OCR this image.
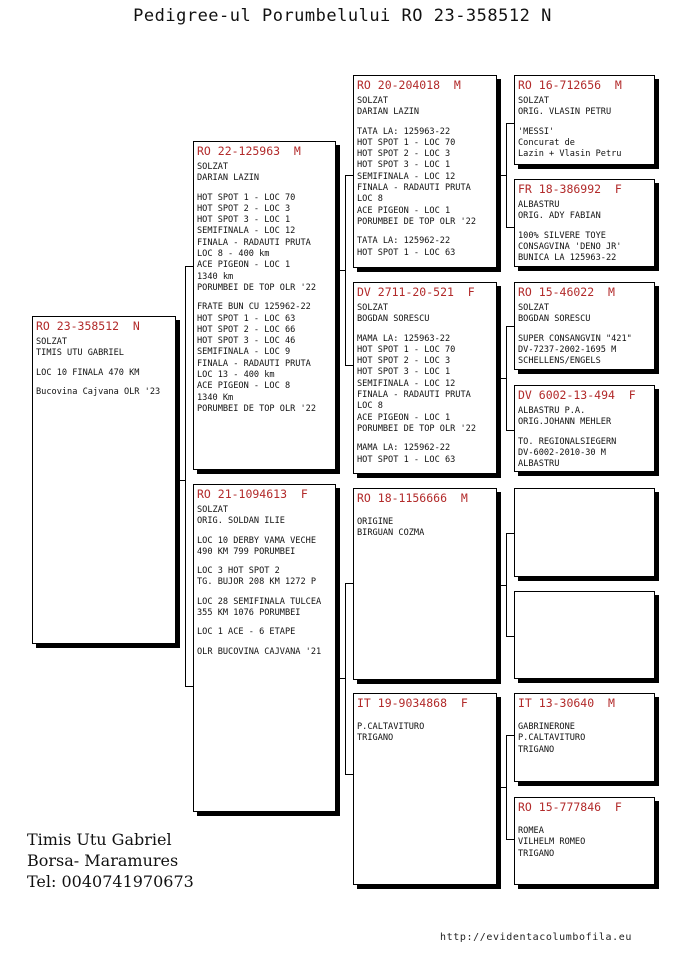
Pedigree-ul Porumbelului RO 23-358512 N
RO 23-358512  N
SOLZAT
TIMIS UTU GABRIEL
LOC 10 FINALA 470 KM
Bucovina Cajvana OLR '23
RO 22-125963  M
SOLZAT
DARIAN LAZIN
HOT SPOT 1 - LOC 70
HOT SPOT 2 - LOC 3
HOT SPOT 3 - LOC 1
SEMIFINALA - LOC 12
FINALA - RADAUTI PRUTA
LOC 8 - 400 km
ACE PIGEON - LOC 1
1340 km
PORUMBEI DE TOP OLR '22
FRATE BUN CU 125962-22
HOT SPOT 1 - LOC 63
HOT SPOT 2 - LOC 66
HOT SPOT 3 - LOC 46
SEMIFINALA - LOC 9
FINALA - RADAUTI PRUTA
LOC 13 - 400 km
ACE PIGEON - LOC 8
1340 Km
PORUMBEI DE TOP OLR '22
RO 21-1094613  F
SOLZAT
ORIG. SOLDAN ILIE
LOC 10 DERBY VAMA VECHE
490 KM 799 PORUMBEI
LOC 3 HOT SPOT 2
TG. BUJOR 208 KM 1272 P
LOC 28 SEMIFINALA TULCEA
355 KM 1076 PORUMBEI
LOC 1 ACE - 6 ETAPE
OLR BUCOVINA CAJVANA '21
RO 20-204018  M
SOLZAT
DARIAN LAZIN
TATA LA: 125963-22
HOT SPOT 1 - LOC 70
HOT SPOT 2 - LOC 3
HOT SPOT 3 - LOC 1
SEMIFINALA - LOC 12
FINALA - RADAUTI PRUTA
LOC 8
ACE PIGEON - LOC 1
PORUMBEI DE TOP OLR '22
TATA LA: 125962-22
HOT SPOT 1 - LOC 63
DV 2711-20-521  F
SOLZAT
BOGDAN SORESCU
MAMA LA: 125963-22
HOT SPOT 1 - LOC 70
HOT SPOT 2 - LOC 3
HOT SPOT 3 - LOC 1
SEMIFINALA - LOC 12
FINALA - RADAUTI PRUTA
LOC 8
ACE PIGEON - LOC 1
PORUMBEI DE TOP OLR '22
MAMA LA: 125962-22
HOT SPOT 1 - LOC 63
RO 18-1156666  M
ORIGINE
BIRGUAN COZMA
IT 19-9034868  F
P.CALTAVITURO
TRIGANO
RO 16-712656  M
SOLZAT
ORIG. VLASIN PETRU
'MESSI'
Concurat de
Lazin + Vlasin Petru
FR 18-386992  F
ALBASTRU
ORIG. ADY FABIAN
100% SILVERE TOYE
CONSAGVINA 'DENO JR'
BUNICA LA 125963-22
RO 15-46022  M
SOLZAT
BOGDAN SORESCU
SUPER CONSANGVIN "421"
DV-7237-2002-1695 M
SCHELLENS/ENGELS
DV 6002-13-494  F
ALBASTRU P.A.
ORIG.JOHANN MEHLER
TO. REGIONALSIEGERN
DV-6002-2010-30 M
ALBASTRU
IT 13-30640  M
GABRINERONE
P.CALTAVITURO
TRIGANO
RO 15-777846  F
ROMEA
VILHELM ROMEO
TRIGANO
Timis Utu Gabriel
Borsa- Maramures
Tel: 0040741970673
http://evidentacolumbofila.eu
